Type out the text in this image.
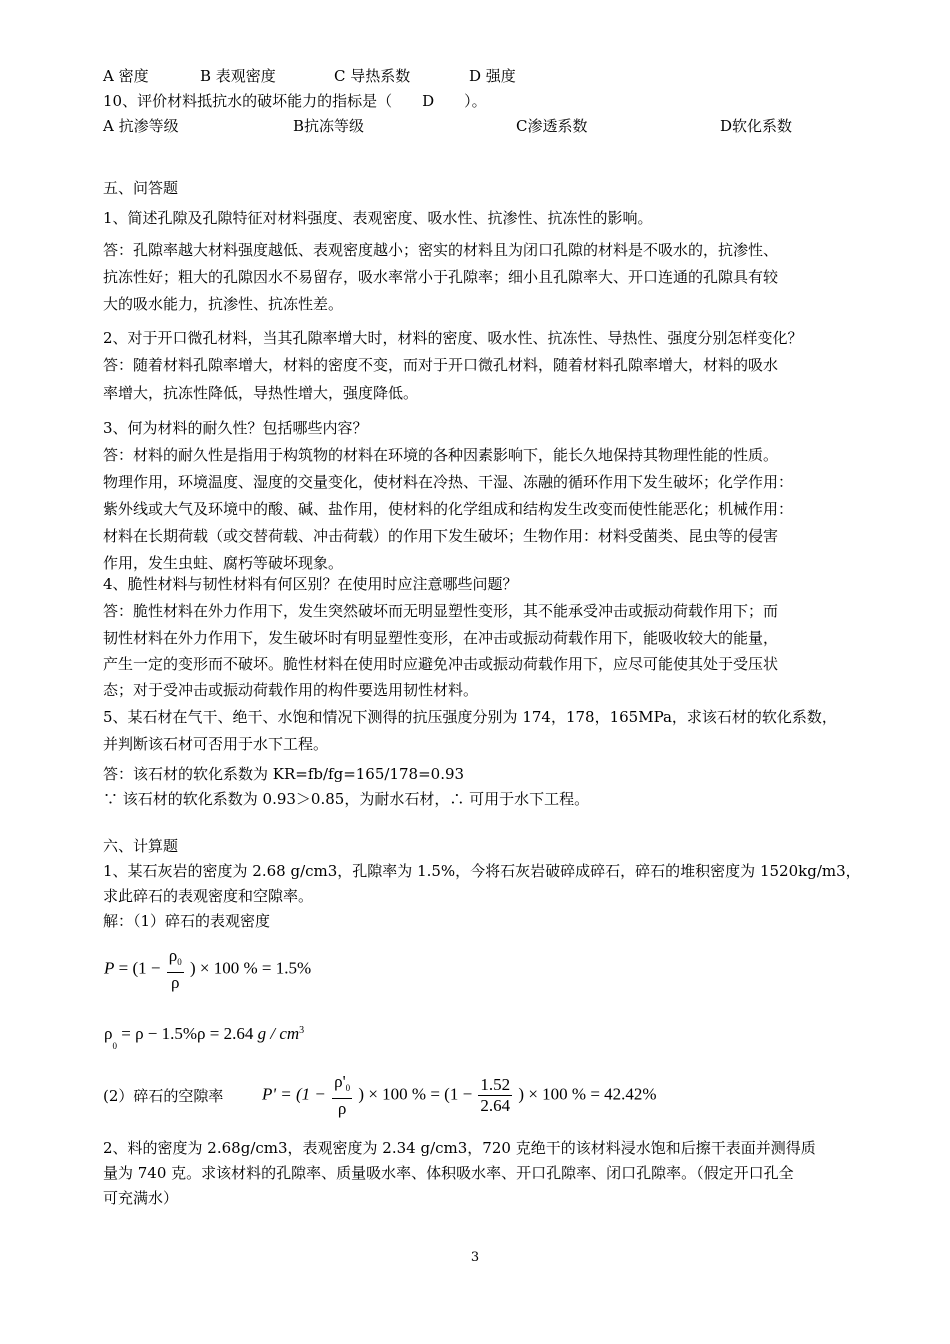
A 密度	B 表观密度	C 导热系数	D 强度
10、评价材料抵抗水的破坏能力的指标是（　　D　　）。
A 抗渗等级	B抗冻等级	C渗透系数	D软化系数
五、问答题
1、简述孔隙及孔隙特征对材料强度、表观密度、吸水性、抗渗性、抗冻性的影响。
答：孔隙率越大材料强度越低、表观密度越小；密实的材料且为闭口孔隙的材料是不吸水的，抗渗性、
抗冻性好；粗大的孔隙因水不易留存，吸水率常小于孔隙率；细小且孔隙率大、开口连通的孔隙具有较
大的吸水能力，抗渗性、抗冻性差。
2、对于开口微孔材料，当其孔隙率增大时，材料的密度、吸水性、抗冻性、导热性、强度分别怎样变化？
答：随着材料孔隙率增大，材料的密度不变，而对于开口微孔材料，随着材料孔隙率增大，材料的吸水
率增大，抗冻性降低，导热性增大，强度降低。
3、何为材料的耐久性？包括哪些内容？
答：材料的耐久性是指用于构筑物的材料在环境的各种因素影响下，能长久地保持其物理性能的性质。
物理作用，环境温度、湿度的交量变化，使材料在冷热、干湿、冻融的循环作用下发生破坏；化学作用：
紫外线或大气及环境中的酸、碱、盐作用，使材料的化学组成和结构发生改变而使性能恶化；机械作用：
材料在长期荷载（或交替荷载、冲击荷载）的作用下发生破坏；生物作用：材料受菌类、昆虫等的侵害
作用，发生虫蛀、腐朽等破坏现象。
4、脆性材料与韧性材料有何区别？在使用时应注意哪些问题？
答：脆性材料在外力作用下，发生突然破坏而无明显塑性变形，其不能承受冲击或振动荷载作用下；而
韧性材料在外力作用下，发生破坏时有明显塑性变形，在冲击或振动荷载作用下，能吸收较大的能量，
产生一定的变形而不破坏。脆性材料在使用时应避免冲击或振动荷载作用下，应尽可能使其处于受压状
态；对于受冲击或振动荷载作用的构件要选用韧性材料。
5、某石材在气干、绝干、水饱和情况下测得的抗压强度分别为 174，178，165MPa，求该石材的软化系数，
并判断该石材可否用于水下工程。
答：该石材的软化系数为 KR=fb/fg=165/178=0.93
∵ 该石材的软化系数为 0.93＞0.85，为耐水石材，∴ 可用于水下工程。
六、计算题
1、某石灰岩的密度为 2.68 g/cm3，孔隙率为 1.5%，今将石灰岩破碎成碎石，碎石的堆积密度为 1520kg/m3，
求此碎石的表观密度和空隙率。
解：（1）碎石的表观密度
$P = (1 - \frac{\rho_0}{\rho}$ ) × 100 % = 1.5%
$\rho_0 = \rho - 1.5\%\rho = 2.64$ g / $cm^3$
(2）碎石的空隙率 $P' = (1 - \frac{\rho'_0}{\rho}$ ) × 100 % = ($1 - \frac{1.52}{2.64}$ ) × 100 % = 42.42%
2、料的密度为 2.68g/cm3，表观密度为 2.34 g/cm3，720 克绝干的该材料浸水饱和后擦干表面并测得质
量为 740 克。求该材料的孔隙率、质量吸水率、体积吸水率、开口孔隙率、闭口孔隙率。（假定开口孔全
可充满水）
3
